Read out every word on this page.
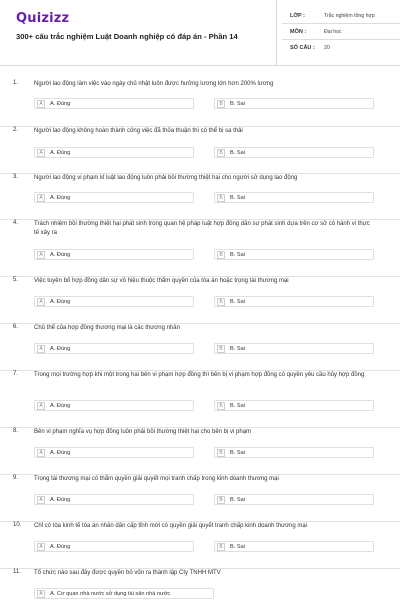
Quizizz
300+ câu trắc nghiệm Luật Doanh nghiệp có đáp án - Phần 14
LỚP :	Trắc nghiệm tổng hợp
MÔN :	Đại học
SỐ CÂU : 20
1.	Người lao động làm việc vào ngày chủ nhật luôn được hưởng lương lớn hơn 200% lương
A	A. Đúng	B	B. Sai
2.	Người lao động không hoàn thành công việc đã thỏa thuận thì có thể bị sa thải
A	A. Đúng	B	B. Sai
3.	Người lao động vi phạm kỉ luật lao động luôn phải bồi thường thiệt hại cho người sử dụng lao động
A	A. Đúng	B	B. Sai
4.	Trách nhiệm bồi thường thiệt hại phát sinh trong quan hệ pháp luật hợp đồng dân sự phát sinh dựa trên cơ sở có hành vi thực tế xảy ra
A	A. Đúng	B	B. Sai
5.	Việc tuyên bố hợp đồng dân sự vô hiệu thuộc thẩm quyền của tòa án hoặc trọng tài thương mại
A	A. Đúng	B	B. Sai
6.	Chủ thể của hợp đồng thương mại là các thương nhân
A	A. Đúng	B	B. Sai
7.	Trong mọi trường hợp khi một trong hai bên vi phạm hợp đồng thì bên bị vi phạm hợp đồng có quyền yêu cầu hủy hợp đồng
A	A. Đúng	B	B. Sai
8.	Bên vi phạm nghĩa vụ hợp đồng luôn phải bồi thường thiệt hại cho bên bị vi phạm
A	A. Đúng	B	B. Sai
9.	Trọng tài thương mại có thẩm quyền giải quyết mọi tranh chấp trong kinh doanh thương mại
A	A. Đúng	B	B. Sai
10. Chỉ có tòa kinh tế tòa án nhân dân cấp tỉnh mới có quyền giải quyết tranh chấp kinh doanh thương mại
A	A. Đúng	B	B. Sai
11. Tổ chức nào sau đây được quyền bỏ vốn ra thành lập Cty TNHH MTV
A	A. Cơ quan nhà nước sử dụng tài sản nhà nước
